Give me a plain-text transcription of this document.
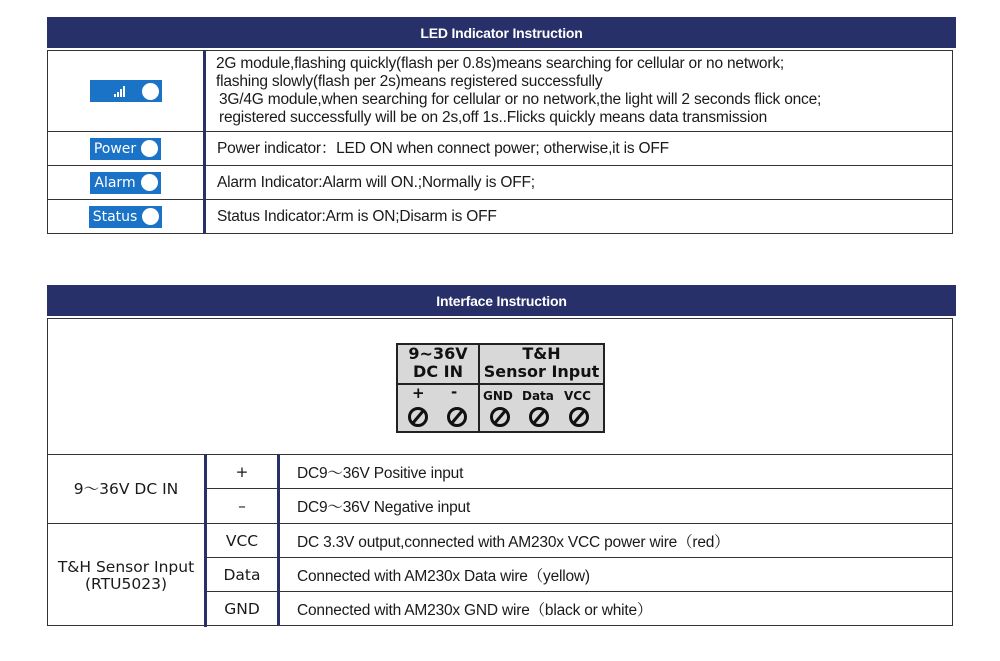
LED Indicator Instruction
2G module,flashing quickly(flash per 0.8s)means searching for cellular or no network;
flashing slowly(flash per 2s)means registered successfully
3G/4G module,when searching for cellular or no network,the light will 2 seconds flick once;
registered successfully will be on 2s,off 1s..Flicks quickly means data transmission
Power	Power indicator：LED ON when connect power; otherwise,it is OFF
Alarm	Alarm Indicator:Alarm will ON.;Normally is OFF;
Status	Status Indicator:Arm is ON;Disarm is OFF
Interface Instruction
9~36V
DC IN
T&H
Sensor Input
+ - GND Data VCC
9～36V DC IN
+	DC9～36V Positive input
–	DC9～36V Negative input
T&H Sensor Input
(RTU5023)
VCC	DC 3.3V output,connected with AM230x VCC power wire（red）
Data	Connected with AM230x Data wire（yellow)
GND	Connected with AM230x GND wire（black or white）
